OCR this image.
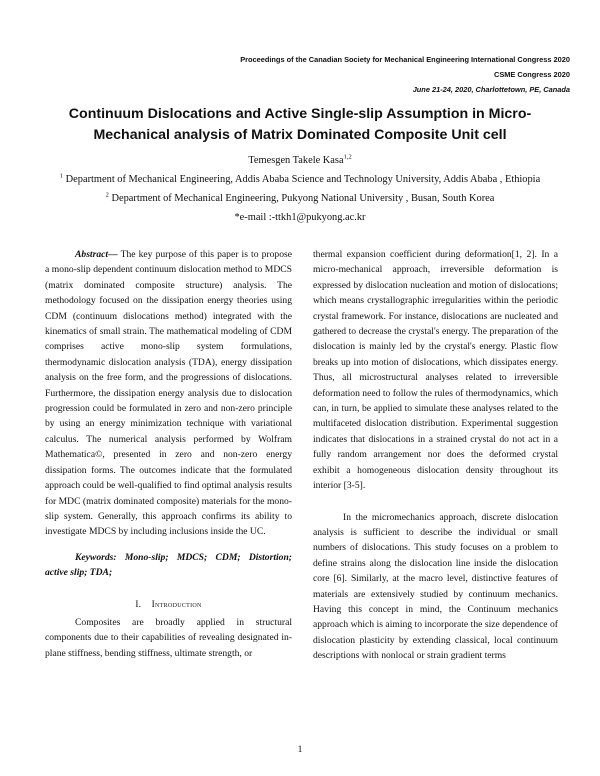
Proceedings of the Canadian Society for Mechanical Engineering International Congress 2020
CSME Congress 2020
June 21-24, 2020, Charlottetown, PE, Canada
Continuum Dislocations and Active Single-slip Assumption in Micro-
Mechanical analysis of Matrix Dominated Composite Unit cell
Temesgen Takele Kasa$^{1,2}$
$^1$ Department of Mechanical Engineering, Addis Ababa Science and Technology University, Addis Ababa , Ethiopia
$^2$ Department of Mechanical Engineering, Pukyong National University , Busan, South Korea
*e-mail :-ttkh1@pukyong.ac.kr

Abstract— The key purpose of this paper is to propose a mono-slip dependent continuum dislocation method to MDCS (matrix dominated composite structure) analysis. The methodology focused on the dissipation energy theories using CDM (continuum dislocations method) integrated with the kinematics of small strain. The mathematical modeling of CDM comprises active mono-slip system formulations, thermodynamic dislocation analysis (TDA), energy dissipation analysis on the free form, and the progressions of dislocations. Furthermore, the dissipation energy analysis due to dislocation progression could be formulated in zero and non-zero principle by using an energy minimization technique with variational calculus. The numerical analysis performed by Wolfram Mathematica©, presented in zero and non-zero energy dissipation forms. The outcomes indicate that the formulated approach could be well-qualified to find optimal analysis results for MDC (matrix dominated composite) materials for the mono-slip system. Generally, this approach confirms its ability to investigate MDCS by including inclusions inside the UC.

Keywords: Mono-slip; MDCS; CDM; Distortion; active slip; TDA;

I. Introduction

Composites are broadly applied in structural components due to their capabilities of revealing designated in-plane stiffness, bending stiffness, ultimate strength, or

thermal expansion coefficient during deformation[1, 2]. In a micro-mechanical approach, irreversible deformation is expressed by dislocation nucleation and motion of dislocations; which means crystallographic irregularities within the periodic crystal framework. For instance, dislocations are nucleated and gathered to decrease the crystal's energy. The preparation of the dislocation is mainly led by the crystal's energy. Plastic flow breaks up into motion of dislocations, which dissipates energy. Thus, all microstructural analyses related to irreversible deformation need to follow the rules of thermodynamics, which can, in turn, be applied to simulate these analyses related to the multifaceted dislocation distribution. Experimental suggestion indicates that dislocations in a strained crystal do not act in a fully random arrangement nor does the deformed crystal exhibit a homogeneous dislocation density throughout its interior [3-5].

In the micromechanics approach, discrete dislocation analysis is sufficient to describe the individual or small numbers of dislocations. This study focuses on a problem to define strains along the dislocation line inside the dislocation core [6]. Similarly, at the macro level, distinctive features of materials are extensively studied by continuum mechanics. Having this concept in mind, the Continuum mechanics approach which is aiming to incorporate the size dependence of dislocation plasticity by extending classical, local continuum descriptions with nonlocal or strain gradient terms

1
